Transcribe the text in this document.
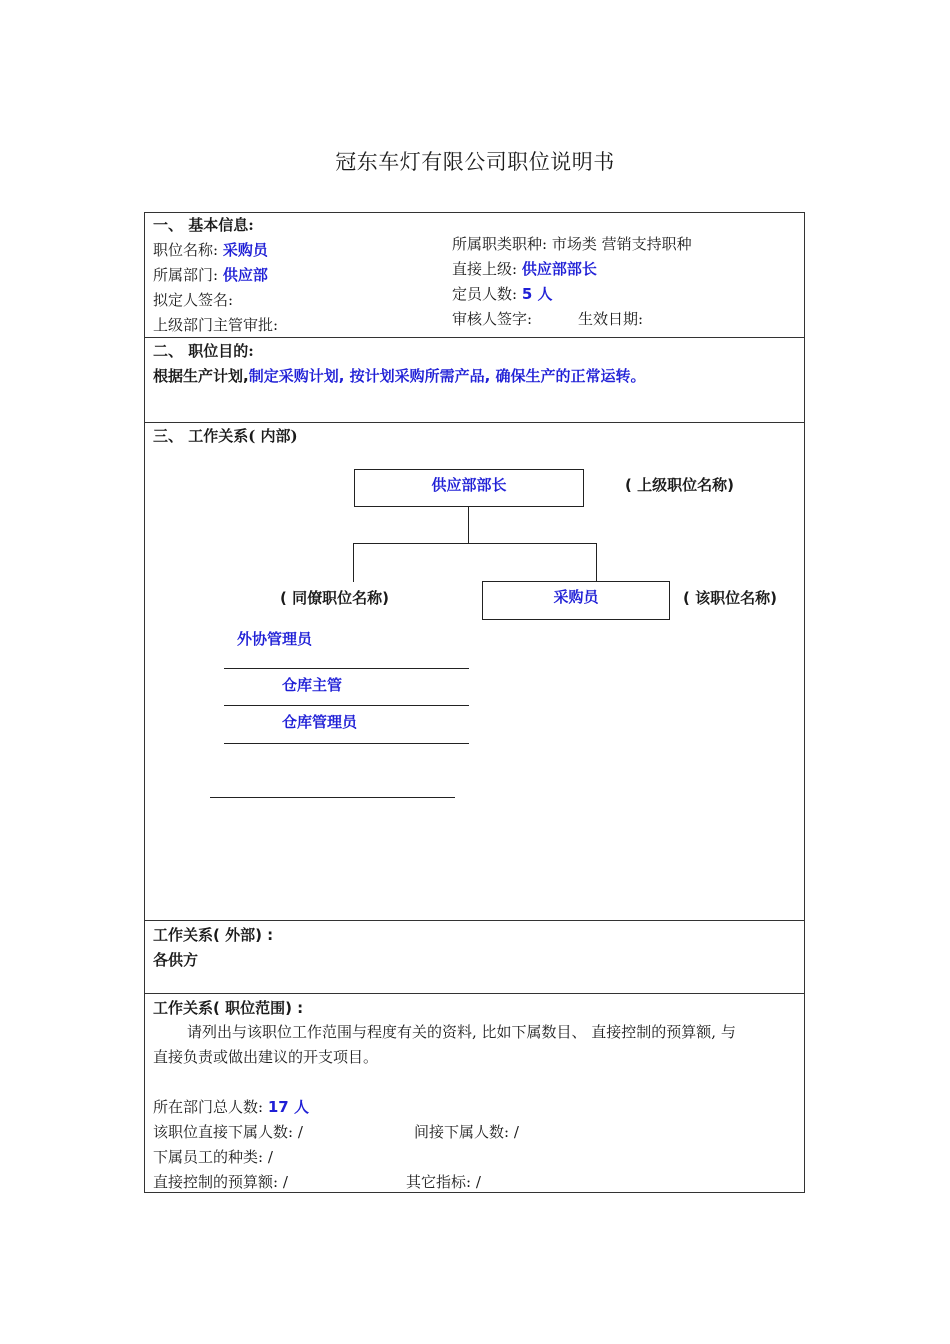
冠东车灯有限公司职位说明书
一、 基本信息:
职位名称: 采购员
所属部门: 供应部
拟定人签名:
上级部门主管审批:
所属职类职种: 市场类 营销支持职种
直接上级: 供应部部长
定员人数: 5 人
审核人签字:	生效日期:
二、 职位目的:
根据生产计划,制定采购计划, 按计划采购所需产品, 确保生产的正常运转。
三、 工作关系( 内部)
供应部部长	( 上级职位名称)
( 同僚职位名称)	采购员	( 该职位名称)
外协管理员
仓库主管
仓库管理员
工作关系( 外部) :
各供方
工作关系( 职位范围) :
请列出与该职位工作范围与程度有关的资料, 比如下属数目、 直接控制的预算额, 与
直接负责或做出建议的开支项目。
所在部门总人数: 17 人
该职位直接下属人数: /	间接下属人数: /
下属员工的种类: /
直接控制的预算额: /	其它指标: /
